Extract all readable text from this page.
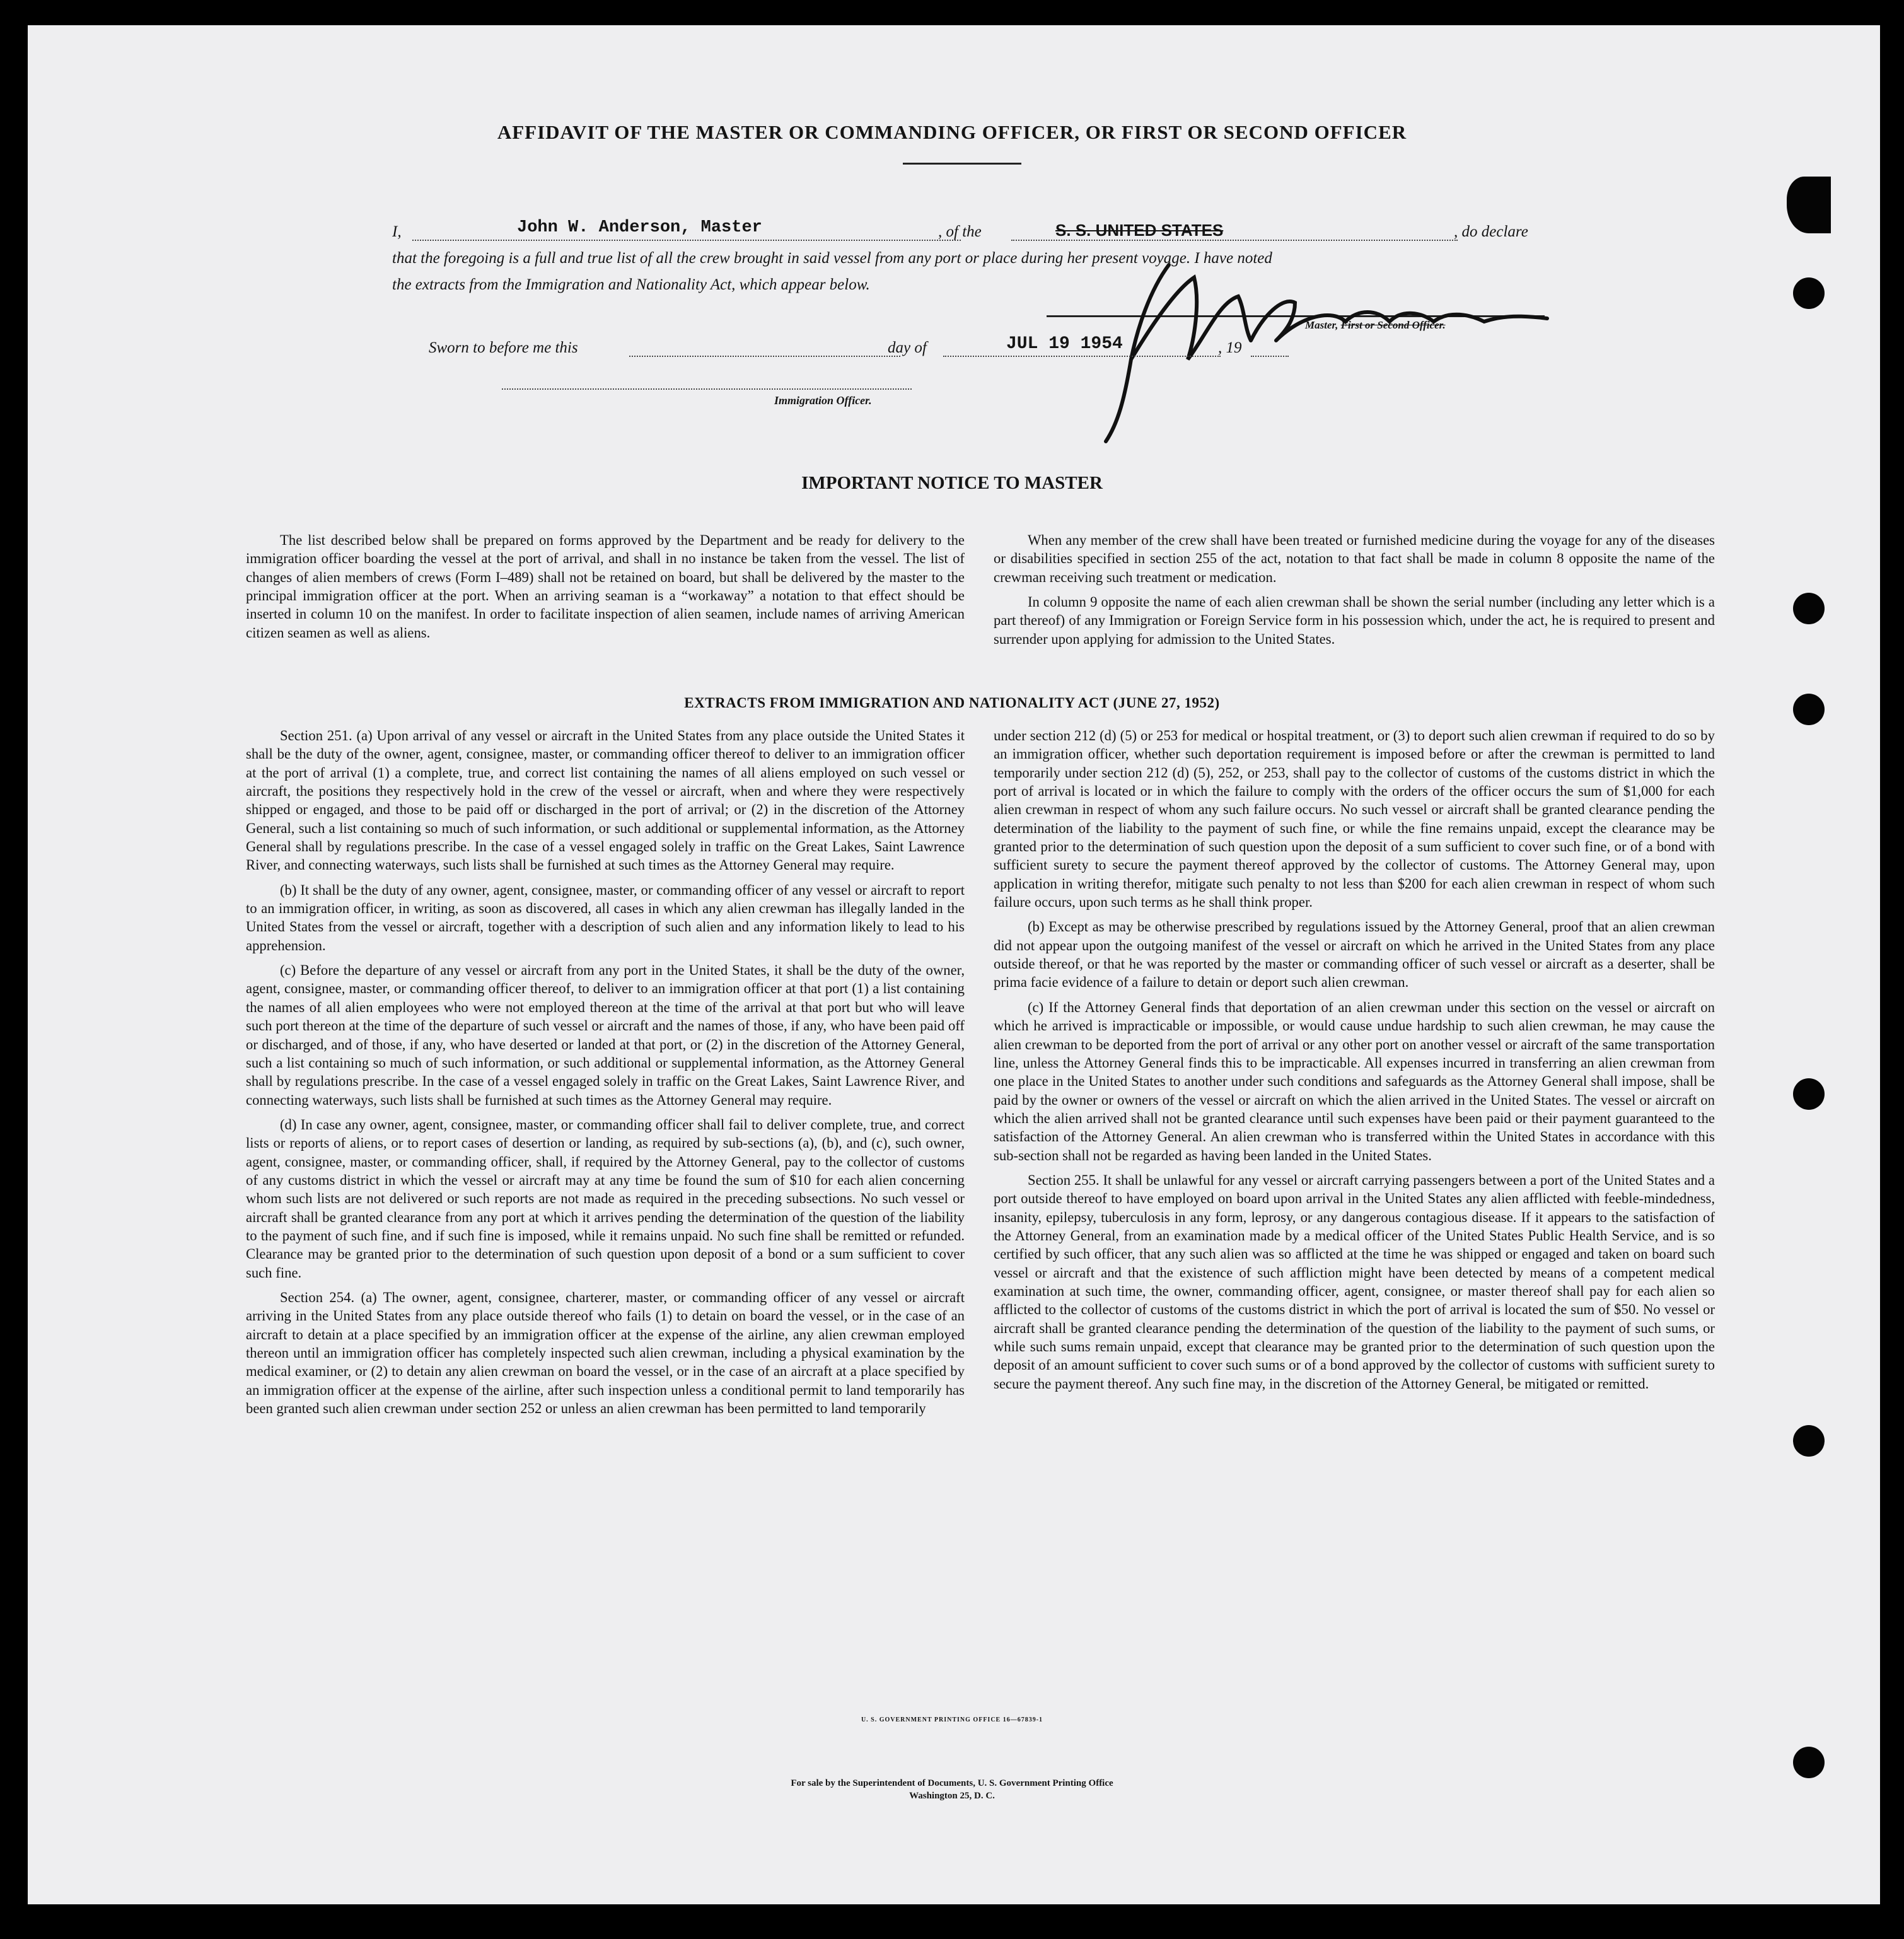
AFFIDAVIT OF THE MASTER OR COMMANDING OFFICER, OR FIRST OR SECOND OFFICER
I,	John W. Anderson, Master	, of the	S. S. UNITED STATES	, do declare
that the foregoing is a full and true list of all the crew brought in said vessel from any port or place during her present voyage. I have noted
the extracts from the Immigration and Nationality Act, which appear below.
Master, First or Second Officer.
Sworn to before me this	day of	JUL 19 1954	, 19
Immigration Officer.
IMPORTANT NOTICE TO MASTER

The list described below shall be prepared on forms approved by the Department and be ready for delivery to the immigration officer boarding the vessel at the port of arrival, and shall in no instance be taken from the vessel. The list of changes of alien members of crews (Form I–489) shall not be retained on board, but shall be delivered by the master to the principal immigration officer at the port. When an arriving seaman is a “workaway” a notation to that effect should be inserted in column 10 on the manifest. In order to facilitate inspection of alien seamen, include names of arriving American citizen seamen as well as aliens.

When any member of the crew shall have been treated or furnished medicine during the voyage for any of the diseases or disabilities specified in section 255 of the act, notation to that fact shall be made in column 8 opposite the name of the crewman receiving such treatment or medication.

In column 9 opposite the name of each alien crewman shall be shown the serial number (including any letter which is a part thereof) of any Immigration or Foreign Service form in his possession which, under the act, he is required to present and surrender upon applying for admission to the United States.

EXTRACTS FROM IMMIGRATION AND NATIONALITY ACT (JUNE 27, 1952)

Section 251. (a) Upon arrival of any vessel or aircraft in the United States from any place outside the United States it shall be the duty of the owner, agent, consignee, master, or commanding officer thereof to deliver to an immigration officer at the port of arrival (1) a complete, true, and correct list containing the names of all aliens employed on such vessel or aircraft, the positions they respectively hold in the crew of the vessel or aircraft, when and where they were respectively shipped or engaged, and those to be paid off or discharged in the port of arrival; or (2) in the discretion of the Attorney General, such a list containing so much of such information, or such additional or supplemental information, as the Attorney General shall by regulations prescribe. In the case of a vessel engaged solely in traffic on the Great Lakes, Saint Lawrence River, and connecting waterways, such lists shall be furnished at such times as the Attorney General may require.

(b) It shall be the duty of any owner, agent, consignee, master, or commanding officer of any vessel or aircraft to report to an immigration officer, in writing, as soon as discovered, all cases in which any alien crewman has illegally landed in the United States from the vessel or aircraft, together with a description of such alien and any information likely to lead to his apprehension.

(c) Before the departure of any vessel or aircraft from any port in the United States, it shall be the duty of the owner, agent, consignee, master, or commanding officer thereof, to deliver to an immigration officer at that port (1) a list containing the names of all alien employees who were not employed thereon at the time of the arrival at that port but who will leave such port thereon at the time of the departure of such vessel or aircraft and the names of those, if any, who have been paid off or discharged, and of those, if any, who have deserted or landed at that port, or (2) in the discretion of the Attorney General, such a list containing so much of such information, or such additional or supplemental information, as the Attorney General shall by regulations prescribe. In the case of a vessel engaged solely in traffic on the Great Lakes, Saint Lawrence River, and connecting waterways, such lists shall be furnished at such times as the Attorney General may require.

(d) In case any owner, agent, consignee, master, or commanding officer shall fail to deliver complete, true, and correct lists or reports of aliens, or to report cases of desertion or landing, as required by sub-sections (a), (b), and (c), such owner, agent, consignee, master, or commanding officer, shall, if required by the Attorney General, pay to the collector of customs of any customs district in which the vessel or aircraft may at any time be found the sum of $10 for each alien concerning whom such lists are not delivered or such reports are not made as required in the preceding subsections. No such vessel or aircraft shall be granted clearance from any port at which it arrives pending the determination of the question of the liability to the payment of such fine, and if such fine is imposed, while it remains unpaid. No such fine shall be remitted or refunded. Clearance may be granted prior to the determination of such question upon deposit of a bond or a sum sufficient to cover such fine.

Section 254. (a) The owner, agent, consignee, charterer, master, or commanding officer of any vessel or aircraft arriving in the United States from any place outside thereof who fails (1) to detain on board the vessel, or in the case of an aircraft to detain at a place specified by an immigration officer at the expense of the airline, any alien crewman employed thereon until an immigration officer has completely inspected such alien crewman, including a physical examination by the medical examiner, or (2) to detain any alien crewman on board the vessel, or in the case of an aircraft at a place specified by an immigration officer at the expense of the airline, after such inspection unless a conditional permit to land temporarily has been granted such alien crewman under section 252 or unless an alien crewman has been permitted to land temporarily

under section 212 (d) (5) or 253 for medical or hospital treatment, or (3) to deport such alien crewman if required to do so by an immigration officer, whether such deportation requirement is imposed before or after the crewman is permitted to land temporarily under section 212 (d) (5), 252, or 253, shall pay to the collector of customs of the customs district in which the port of arrival is located or in which the failure to comply with the orders of the officer occurs the sum of $1,000 for each alien crewman in respect of whom any such failure occurs. No such vessel or aircraft shall be granted clearance pending the determination of the liability to the payment of such fine, or while the fine remains unpaid, except the clearance may be granted prior to the determination of such question upon the deposit of a sum sufficient to cover such fine, or of a bond with sufficient surety to secure the payment thereof approved by the collector of customs. The Attorney General may, upon application in writing therefor, mitigate such penalty to not less than $200 for each alien crewman in respect of whom such failure occurs, upon such terms as he shall think proper.

(b) Except as may be otherwise prescribed by regulations issued by the Attorney General, proof that an alien crewman did not appear upon the outgoing manifest of the vessel or aircraft on which he arrived in the United States from any place outside thereof, or that he was reported by the master or commanding officer of such vessel or aircraft as a deserter, shall be prima facie evidence of a failure to detain or deport such alien crewman.

(c) If the Attorney General finds that deportation of an alien crewman under this section on the vessel or aircraft on which he arrived is impracticable or impossible, or would cause undue hardship to such alien crewman, he may cause the alien crewman to be deported from the port of arrival or any other port on another vessel or aircraft of the same transportation line, unless the Attorney General finds this to be impracticable. All expenses incurred in transferring an alien crewman from one place in the United States to another under such conditions and safeguards as the Attorney General shall impose, shall be paid by the owner or owners of the vessel or aircraft on which the alien arrived in the United States. The vessel or aircraft on which the alien arrived shall not be granted clearance until such expenses have been paid or their payment guaranteed to the satisfaction of the Attorney General. An alien crewman who is transferred within the United States in accordance with this sub-section shall not be regarded as having been landed in the United States.

Section 255. It shall be unlawful for any vessel or aircraft carrying passengers between a port of the United States and a port outside thereof to have employed on board upon arrival in the United States any alien afflicted with feeble-mindedness, insanity, epilepsy, tuberculosis in any form, leprosy, or any dangerous contagious disease. If it appears to the satisfaction of the Attorney General, from an examination made by a medical officer of the United States Public Health Service, and is so certified by such officer, that any such alien was so afflicted at the time he was shipped or engaged and taken on board such vessel or aircraft and that the existence of such affliction might have been detected by means of a competent medical examination at such time, the owner, commanding officer, agent, consignee, or master thereof shall pay for each alien so afflicted to the collector of customs of the customs district in which the port of arrival is located the sum of $50. No vessel or aircraft shall be granted clearance pending the determination of the question of the liability to the payment of such sums, or while such sums remain unpaid, except that clearance may be granted prior to the determination of such question upon the deposit of an amount sufficient to cover such sums or of a bond approved by the collector of customs with sufficient surety to secure the payment thereof. Any such fine may, in the discretion of the Attorney General, be mitigated or remitted.

U. S. GOVERNMENT PRINTING OFFICE 16—67839-1
For sale by the Superintendent of Documents, U. S. Government Printing Office
Washington 25, D. C.
